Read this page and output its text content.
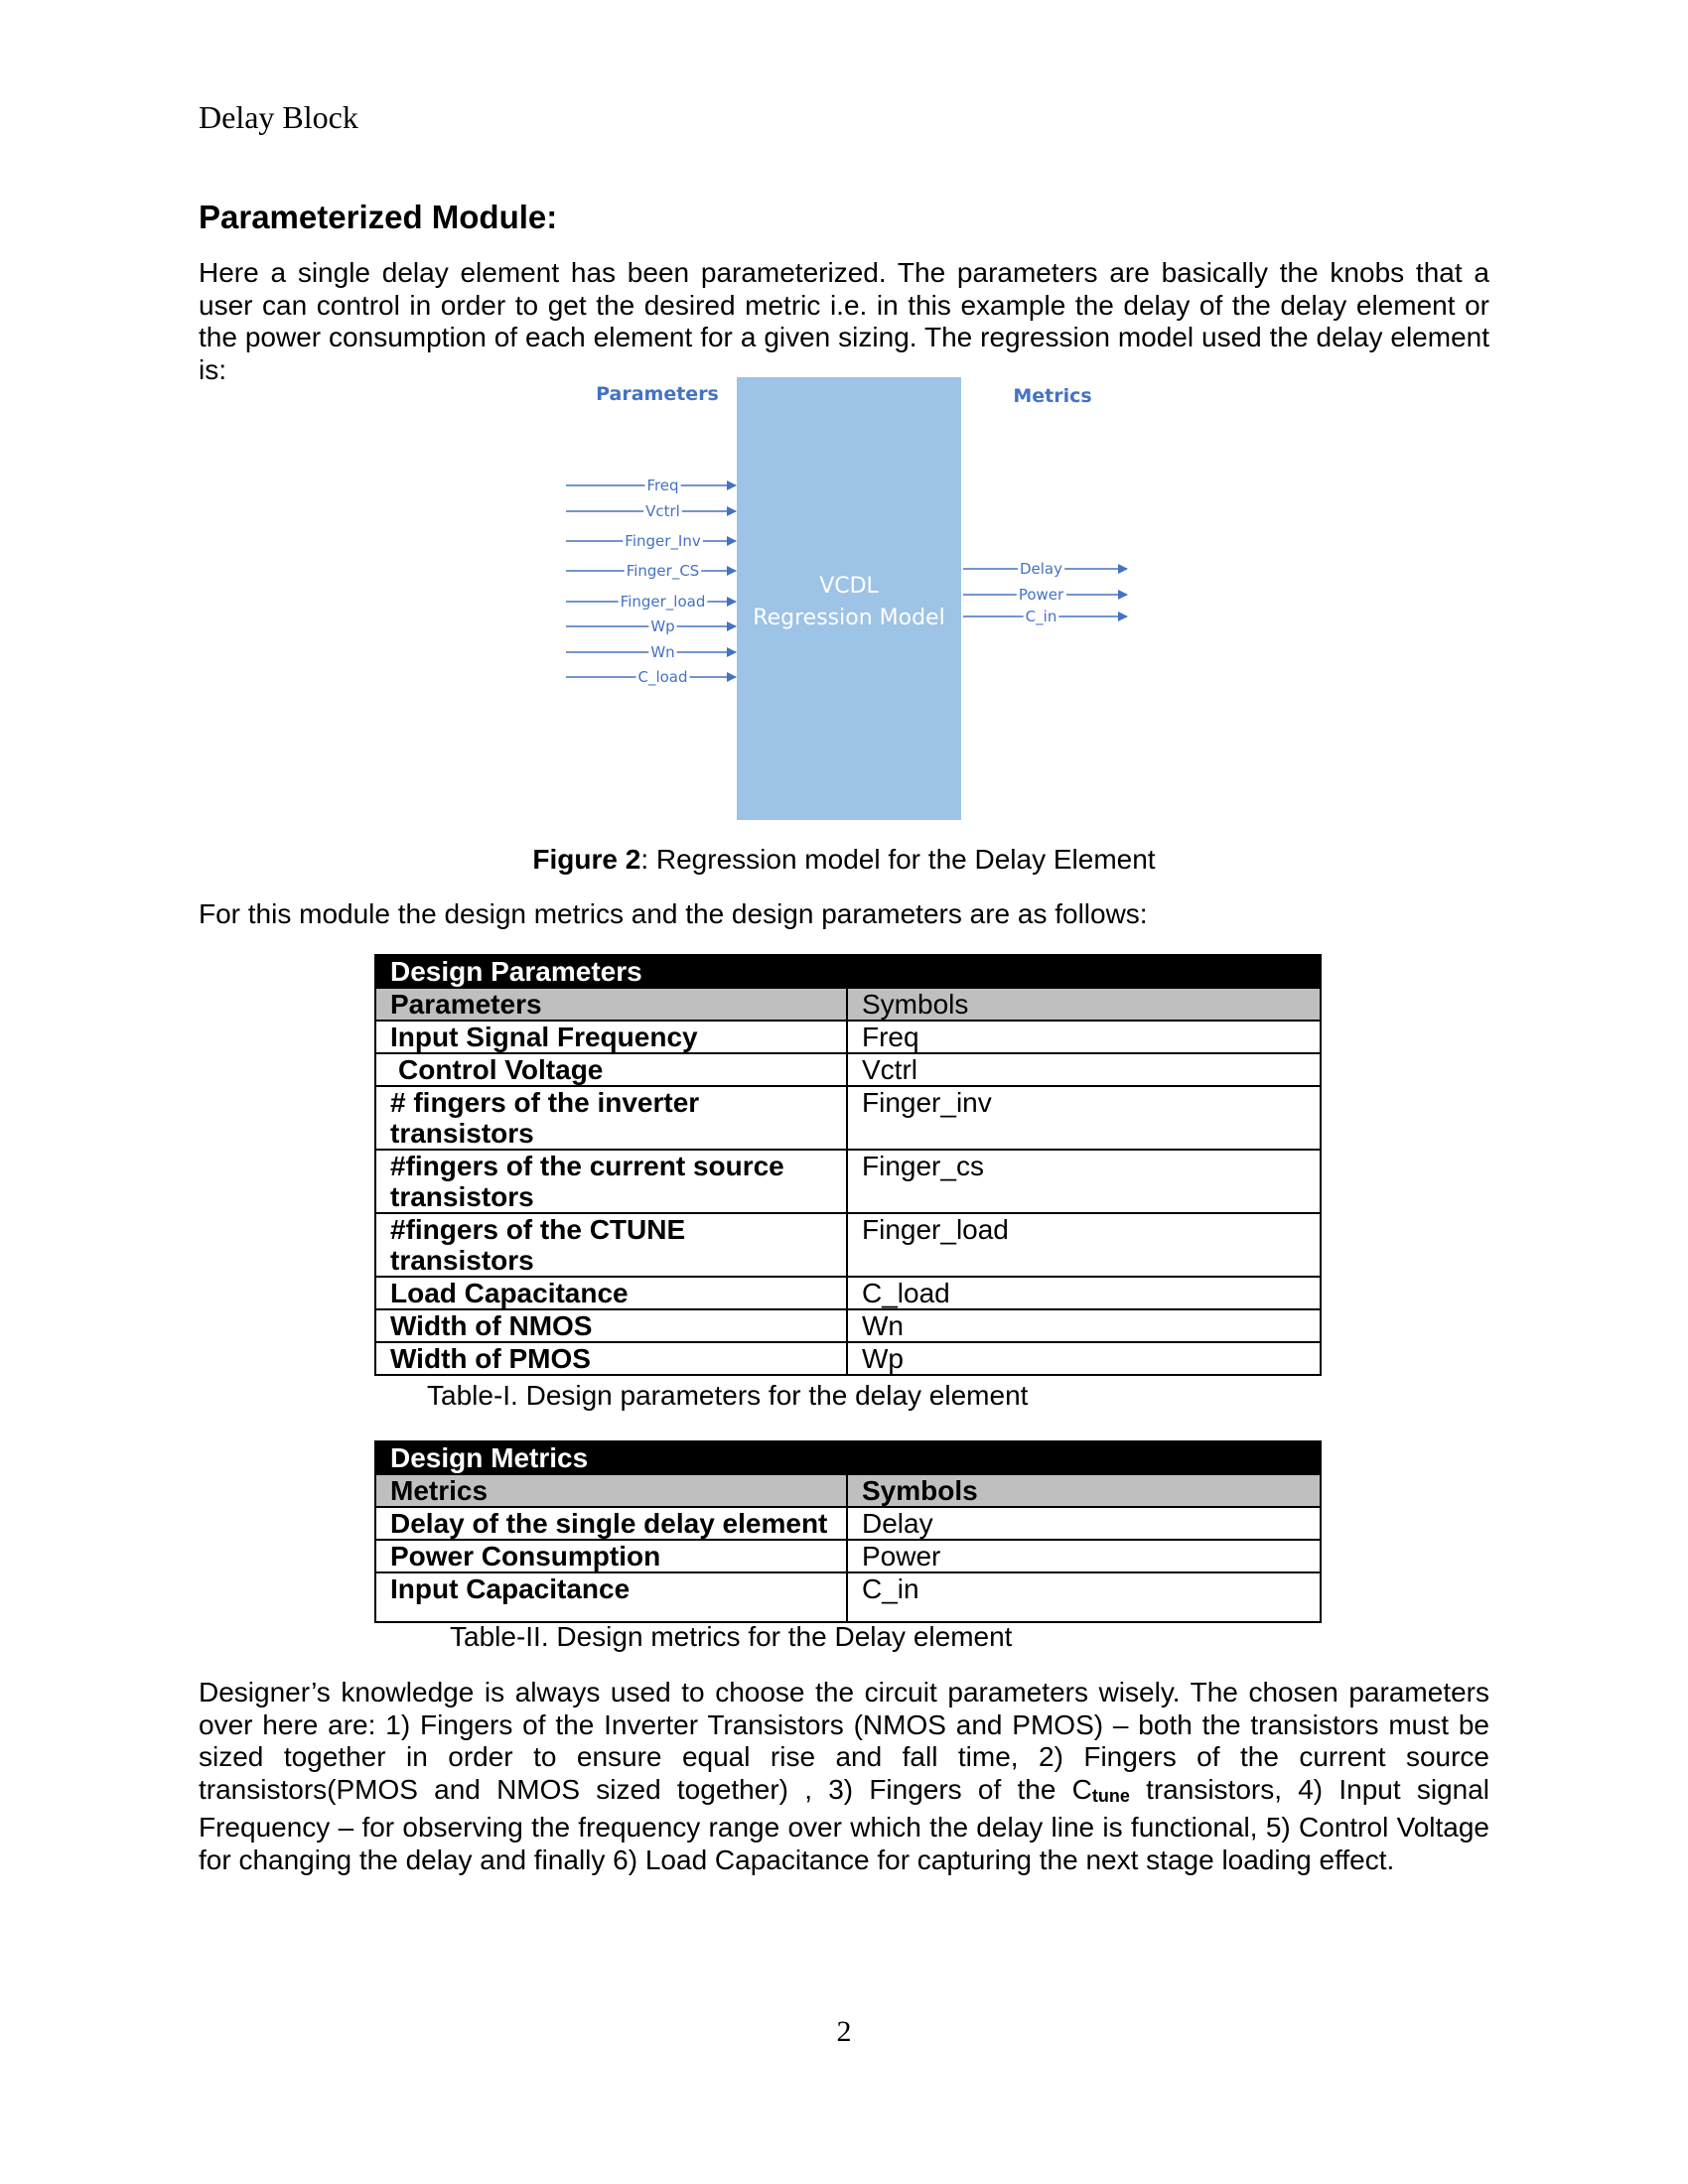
Delay Block
Parameterized Module:

Here a single delay element has been parameterized. The parameters are basically the knobs that a user can control in order to get the desired metric i.e. in this example the delay of the delay element or the power consumption of each element for a given sizing. The regression model used the delay element is:

Parameters	Metrics
VCDL
Regression Model
Freq
Vctrl
Finger_Inv
Finger_CS
Finger_load
Wp
Wn
C_load
Delay
Power
C_in
Figure 2: Regression model for the Delay Element
For this module the design metrics and the design parameters are as follows:
Design Parameters	
Parameters	Symbols
Input Signal Frequency	Freq
Control Voltage	Vctrl

# fingers of the inverter transistors	Finger_inv

#fingers of the current source transistors	Finger_cs

#fingers of the CTUNE transistors	Finger_load
Load Capacitance	C_load
Width of NMOS	Wn
Width of PMOS	Wp
Table-I. Design parameters for the delay element
Design Metrics	
Metrics	Symbols
Delay of the single delay element	Delay
Power Consumption	Power
Input Capacitance	C_in
Table-II. Design metrics for the Delay element

Designer’s knowledge is always used to choose the circuit parameters wisely. The chosen parameters over here are: 1) Fingers of the Inverter Transistors (NMOS and PMOS) – both the transistors must be sized together in order to ensure equal rise and fall time, 2) Fingers of the current source transistors(PMOS and NMOS sized together) , 3) Fingers of the $C_{tune}$ transistors, 4) Input signal Frequency – for observing the frequency range over which the delay line is functional, 5) Control Voltage for changing the delay and finally 6) Load Capacitance for capturing the next stage loading effect.

2
